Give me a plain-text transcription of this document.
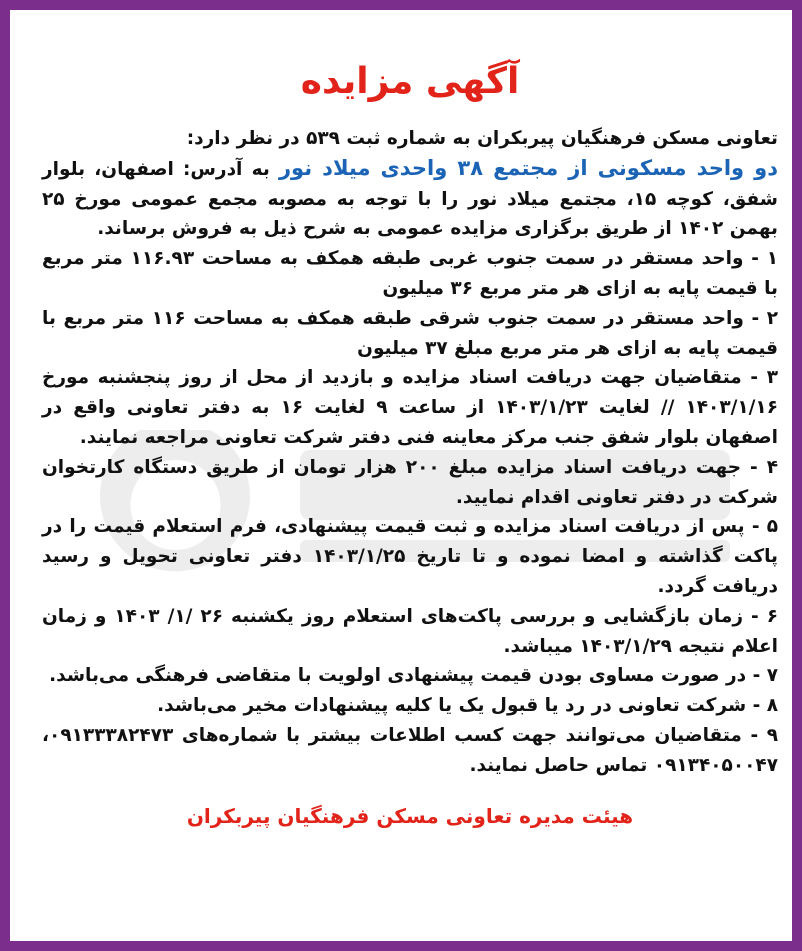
آگهی مزایده

تعاونی مسکن فرهنگیان پیربکران به شماره ثبت ۵۳۹ در نظر دارد:
دو واحد مسکونی از مجتمع ۳۸ واحدی میلاد نور به آدرس: اصفهان، بلوار شفق، کوچه ۱۵، مجتمع میلاد نور را با توجه به مصوبه مجمع عمومی مورخ ۲۵ بهمن ۱۴۰۲ از طریق برگزاری مزایده عمومی به شرح ذیل به فروش برساند.

۱ - واحد مستقر در سمت جنوب غربی طبقه همکف به مساحت ۱۱۶.۹۳ متر مربع با قیمت پایه به ازای هر متر مربع ۳۶ میلیون

۲ - واحد مستقر در سمت جنوب شرقی طبقه همکف به مساحت ۱۱۶ متر مربع با قیمت پایه به ازای هر متر مربع مبلغ ۳۷ میلیون

۳ - متقاضیان جهت دریافت اسناد مزایده و بازدید از محل از روز پنجشنبه مورخ ۱۴۰۳/۱/۱۶ // لغایت ۱۴۰۳/۱/۲۳ از ساعت ۹ لغایت ۱۶ به دفتر تعاونی واقع در اصفهان بلوار شفق جنب مرکز معاینه فنی دفتر شرکت تعاونی مراجعه نمایند.

۴ - جهت دریافت اسناد مزایده مبلغ ۲۰۰ هزار تومان از طریق دستگاه کارتخوان شرکت در دفتر تعاونی اقدام نمایید.

۵ - پس از دریافت اسناد مزایده و ثبت قیمت پیشنهادی، فرم استعلام قیمت را در پاکت گذاشته و امضا نموده و تا تاریخ ۱۴۰۳/۱/۲۵ دفتر تعاونی تحویل و رسید دریافت گردد.

۶ - زمان بازگشایی و بررسی پاکت‌های استعلام روز یکشنبه ۲۶ /۱/ ۱۴۰۳ و زمان اعلام نتیجه ۱۴۰۳/۱/۲۹ میباشد.

۷ - در صورت مساوی بودن قیمت پیشنهادی اولویت با متقاضی فرهنگی می‌باشد.

۸ - شرکت تعاونی در رد یا قبول یک یا کلیه پیشنهادات مخیر می‌باشد.

۹ - متقاضیان می‌توانند جهت کسب اطلاعات بیشتر با شماره‌های ۰۹۱۳۳۳۸۲۴۷۳، ۰۹۱۳۴۰۵۰۰۴۷ تماس حاصل نمایند.

هیئت مدیره تعاونی مسکن فرهنگیان پیربکران
